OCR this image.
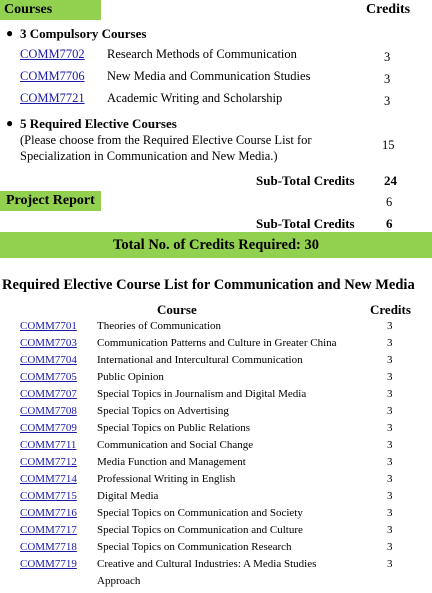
Courses	Credits
● 3 Compulsory Courses
COMM7702 Research Methods of Communication	3
COMM7706 New Media and Communication Studies	3
COMM7721 Academic Writing and Scholarship	3
● 5 Required Elective Courses
(Please choose from the Required Elective Course List for
Specialization in Communication and New Media.)
15
Sub-Total Credits 24
Project Report	6
Sub-Total Credits 6
Total No. of Credits Required: 30
Required Elective Course List for Communication and New Media
Course	Credits
COMM7701 Theories of Communication	3
COMM7703 Communication Patterns and Culture in Greater China	3
COMM7704 International and Intercultural Communication	3
COMM7705 Public Opinion	3
COMM7707 Special Topics in Journalism and Digital Media	3
COMM7708 Special Topics on Advertising	3
COMM7709 Special Topics on Public Relations	3
COMM7711 Communication and Social Change	3
COMM7712 Media Function and Management	3
COMM7714 Professional Writing in English	3
COMM7715 Digital Media	3
COMM7716 Special Topics on Communication and Society	3
COMM7717 Special Topics on Communication and Culture	3
COMM7718 Special Topics on Communication Research	3
COMM7719 Creative and Cultural Industries: A Media Studies
Approach
3
